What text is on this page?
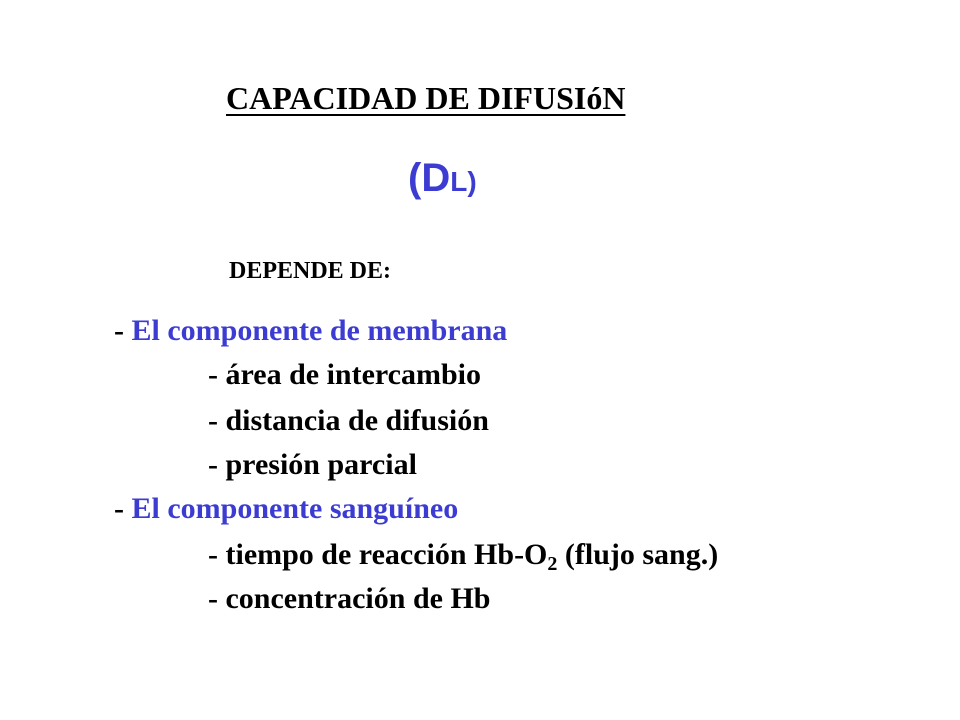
CAPACIDAD DE DIFUSIóN
(DL)
DEPENDE DE:
- El componente de membrana
- área de intercambio
- distancia de difusión
- presión parcial
- El componente sanguíneo
- tiempo de reacción $Hb-O_2$ (flujo sang.)
- concentración de Hb
